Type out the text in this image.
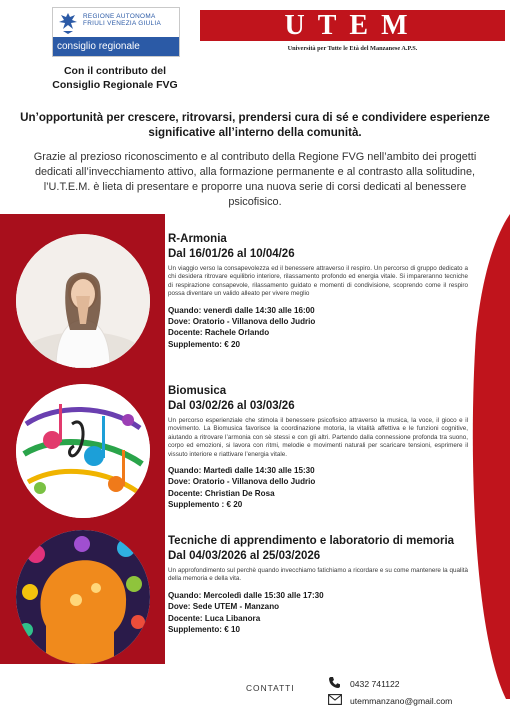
REGIONE AUTONOMA
FRIULI VENEZIA GIULIA
consiglio regionale
Con il contributo del Consiglio Regionale FVG
UTEM
Università per Tutte le Età del Manzanese A.P.S.
Un’opportunità per crescere, ritrovarsi, prendersi cura di sé e condividere esperienze significative all’interno della comunità.
Grazie al prezioso riconoscimento e al contributo della Regione FVG nell’ambito dei progetti dedicati all’invecchiamento attivo, alla formazione permanente e al contrasto alla solitudine, l’U.T.E.M. è lieta di presentare e proporre una nuova serie di corsi dedicati al benessere psicofisico.
R-Armonia
Dal 16/01/26 al 10/04/26
Un viaggio verso la consapevolezza ed il benessere attraverso il respiro. Un percorso di gruppo dedicato a chi desidera ritrovare equilibrio interiore, rilassamento profondo ed energia vitale. Si impareranno tecniche di respirazione consapevole, rilassamento guidato e momenti di condivisione, scoprendo come il respiro possa diventare un valido alleato per vivere meglio
Quando: venerdì dalle 14:30 alle 16:00
Dove: Oratorio - Villanova dello Judrio
Docente: Rachele Orlando
Supplemento: € 20
Biomusica
Dal 03/02/26 al 03/03/26
Un percorso esperienziale che stimola il benessere psicofisico attraverso la musica, la voce, il gioco e il movimento. La Biomusica favorisce la coordinazione motoria, la vitalità affettiva e le funzioni cognitive, aiutando a ritrovare l’armonia con sè stessi e con gli altri. Partendo dalla connessione profonda tra suono, corpo ed emozioni, si lavora con ritmi, melodie e movimenti naturali per scaricare tensioni, esprimere il vissuto interiore e riattivare l’energia vitale.
Quando: Martedì dalle 14:30 alle 15:30
Dove: Oratorio - Villanova dello Judrio
Docente: Christian De Rosa
Supplemento : € 20
Tecniche di apprendimento e laboratorio di memoria
Dal 04/03/2026 al 25/03/2026
Un approfondimento sul perchè quando invecchiamo fatichiamo a ricordare e su come mantenere la qualità della memoria e della vita.
Quando: Mercoledì dalle 15:30 alle 17:30
Dove: Sede UTEM - Manzano
Docente: Luca Libanora
Supplemento: € 10
CONTATTI	0432 741122
utemmanzano@gmail.com
